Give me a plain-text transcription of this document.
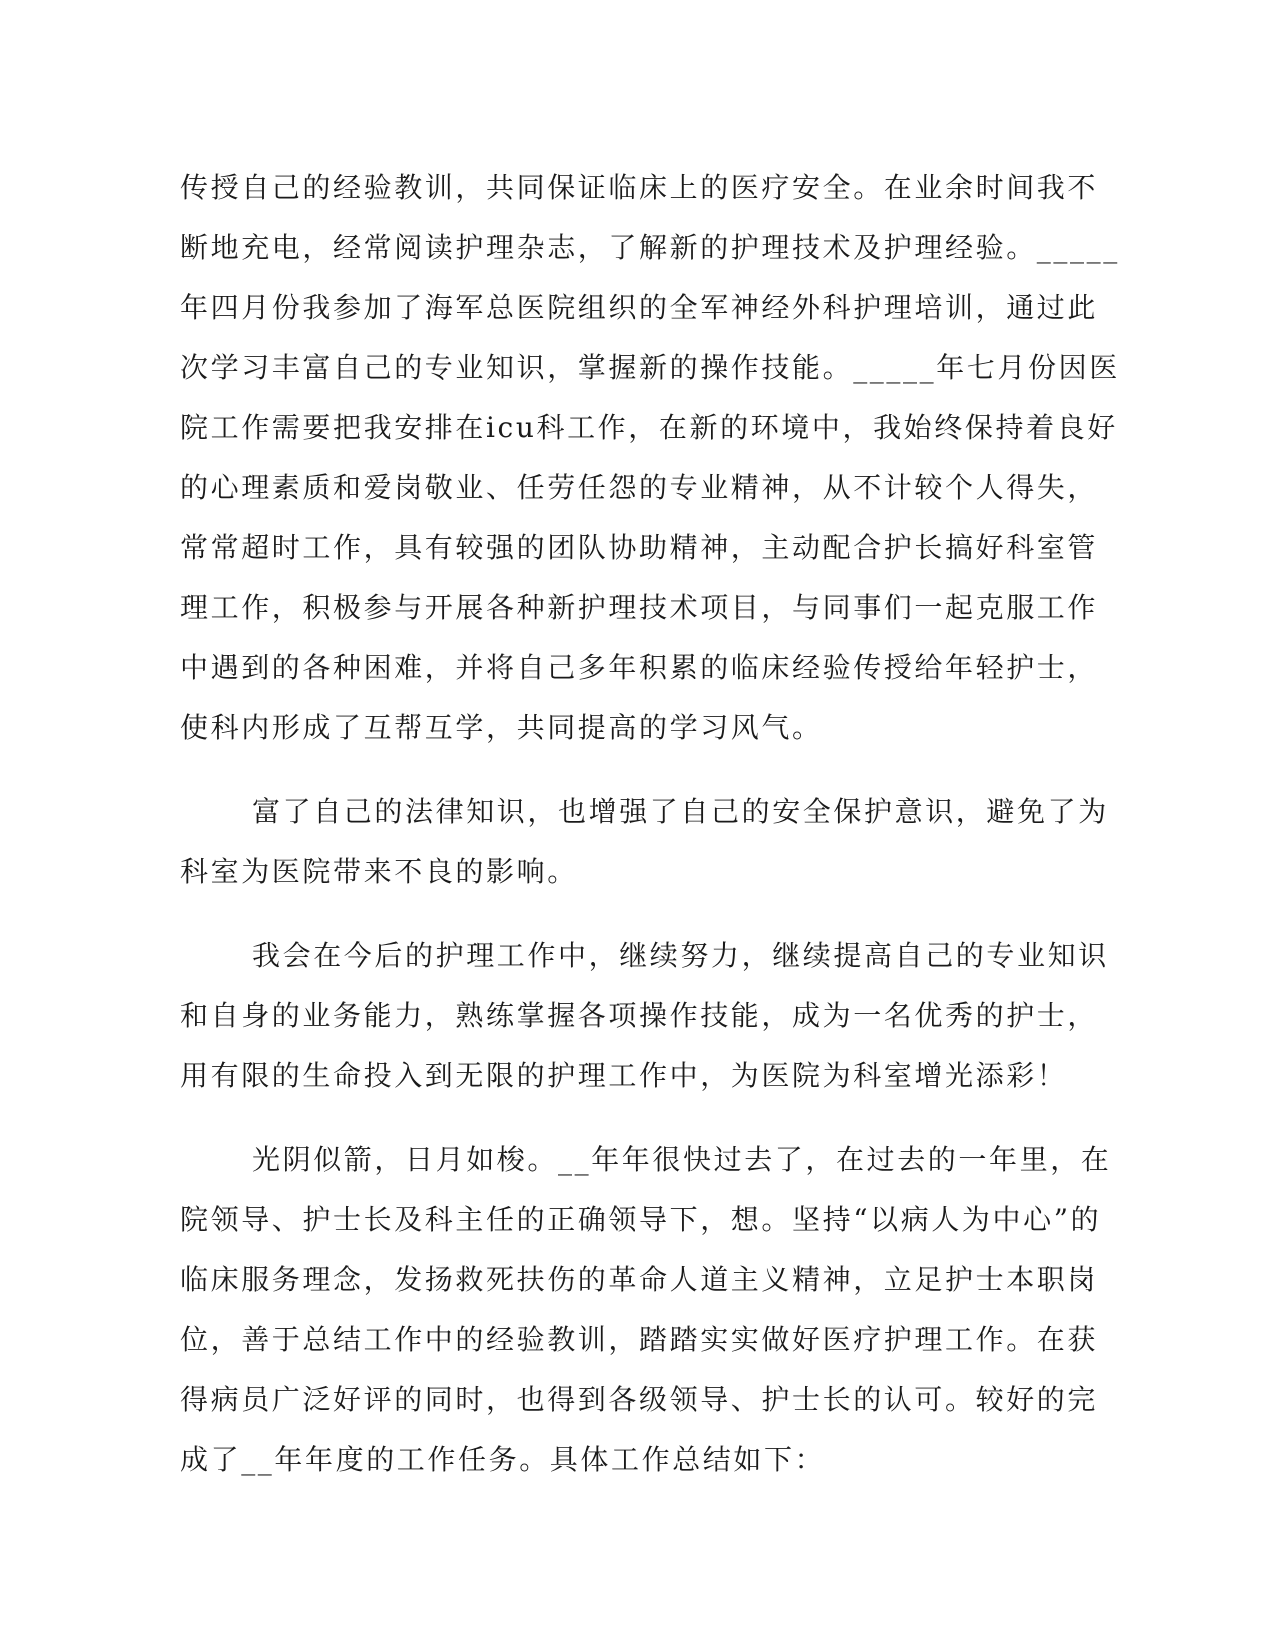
传授自己的经验教训，共同保证临床上的医疗安全。在业余时间我不
断地充电，经常阅读护理杂志，了解新的护理技术及护理经验。_____
年四月份我参加了海军总医院组织的全军神经外科护理培训，通过此
次学习丰富自己的专业知识，掌握新的操作技能。_____年七月份因医
院工作需要把我安排在icu科工作，在新的环境中，我始终保持着良好
的心理素质和爱岗敬业、任劳任怨的专业精神，从不计较个人得失，
常常超时工作，具有较强的团队协助精神，主动配合护长搞好科室管
理工作，积极参与开展各种新护理技术项目，与同事们一起克服工作
中遇到的各种困难，并将自己多年积累的临床经验传授给年轻护士，
使科内形成了互帮互学，共同提高的学习风气。
富了自己的法律知识，也增强了自己的安全保护意识，避免了为
科室为医院带来不良的影响。
我会在今后的护理工作中，继续努力，继续提高自己的专业知识
和自身的业务能力，熟练掌握各项操作技能，成为一名优秀的护士，
用有限的生命投入到无限的护理工作中，为医院为科室增光添彩！
光阴似箭，日月如梭。__年年很快过去了，在过去的一年里，在
院领导、护士长及科主任的正确领导下，想。坚持“以病人为中心”的
临床服务理念，发扬救死扶伤的革命人道主义精神，立足护士本职岗
位，善于总结工作中的经验教训，踏踏实实做好医疗护理工作。在获
得病员广泛好评的同时，也得到各级领导、护士长的认可。较好的完
成了__年年度的工作任务。具体工作总结如下：
